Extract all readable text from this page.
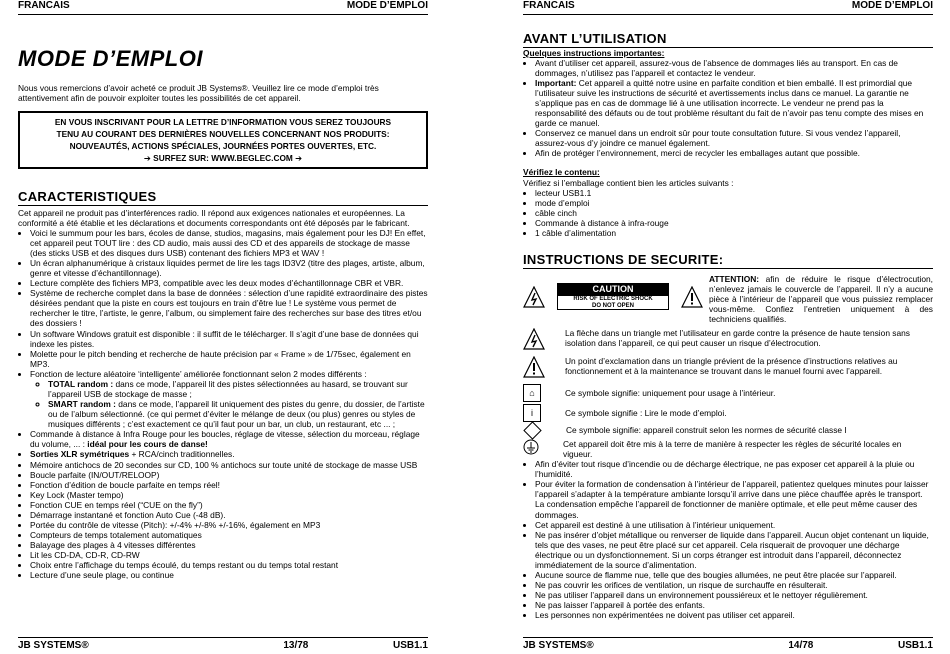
FRANCAIS	MODE D’EMPLOI
MODE D’EMPLOI

Nous vous remercions d’avoir acheté ce produit JB Systems®. Veuillez lire ce mode d’emploi très attentivement afin de pouvoir exploiter toutes les possibilités de cet appareil.

EN VOUS INSCRIVANT POUR LA LETTRE D’INFORMATION VOUS SEREZ TOUJOURS
TENU AU COURANT DES DERNIÈRES NOUVELLES CONCERNANT NOS PRODUITS:
NOUVEAUTÉS, ACTIONS SPÉCIALES, JOURNÉES PORTES OUVERTES, ETC.
➔ SURFEZ SUR: WWW.BEGLEC.COM ➔
CARACTERISTIQUES

Cet appareil ne produit pas d’interférences radio. Il répond aux exigences nationales et européennes. La conformité a été établie et les déclarations et documents correspondants ont été déposés par le fabricant.

• Voici le summum pour les bars, écoles de danse, studios, magasins, mais également pour les DJ! En effet, cet appareil peut TOUT lire : des CD audio, mais aussi des CD et des appareils de stockage de masse (des sticks USB et des disques durs USB) contenant des fichiers MP3 et WAV !
• Un écran alphanumérique à cristaux liquides permet de lire les tags ID3V2 (titre des plages, artiste, album, genre et vitesse d’échantillonnage).
• Lecture complète des fichiers MP3, compatible avec les deux modes d’échantillonnage CBR et VBR.
• Système de recherche complet dans la base de données : sélection d’une rapidité extraordinaire des pistes désirées pendant que la piste en cours est toujours en train d’être lue ! Le système vous permet de rechercher le titre, l’artiste, le genre, l’album, ou simplement faire des recherches sur base des titres et/ou des dossiers !
• Un software Windows gratuit est disponible : il suffit de le télécharger. Il s’agit d’une base de données qui indexe les pistes.
• Molette pour le pitch bending et recherche de haute précision par « Frame » de 1/75sec, également en MP3.
• Fonction de lecture aléatoire ‘intelligente’ améliorée fonctionnant selon 2 modes différents :
◦ TOTAL random : dans ce mode, l’appareil lit des pistes sélectionnées au hasard, se trouvant sur l’appareil USB de stockage de masse ;
◦ SMART random : dans ce mode, l’appareil lit uniquement des pistes du genre, du dossier, de l’artiste ou de l’album sélectionné. (ce qui permet d’éviter le mélange de deux (ou plus) genres ou styles de musiques différents ; c’est exactement ce qu’il faut pour un bar, un club, un restaurant, etc ... ;
• Commande à distance à Infra Rouge pour les boucles, réglage de vitesse, sélection du morceau, réglage du volume, ... : idéal pour les cours de danse!
• Sorties XLR symétriques + RCA/cinch traditionnelles.
• Mémoire antichocs de 20 secondes sur CD, 100 % antichocs sur toute unité de stockage de masse USB
• Boucle parfaite (IN/OUT/RELOOP)
• Fonction d’édition de boucle parfaite en temps réel!
• Key Lock (Master tempo)
• Fonction CUE en temps réel (“CUE on the fly”)
• Démarrage instantané et fonction Auto Cue (-48 dB).
• Portée du contrôle de vitesse (Pitch): +/-4% +/-8% +/-16%, également en MP3
• Compteurs de temps totalement automatiques
• Balayage des plages à 4 vitesses différentes
• Lit les CD-DA, CD-R, CD-RW
• Choix entre l’affichage du temps écoulé, du temps restant ou du temps total restant
• Lecture d’une seule plage, ou continue
JB SYSTEMS®	13/78	USB1.1
FRANCAIS	MODE D’EMPLOI
AVANT L’UTILISATION
Quelques instructions importantes:
• Avant d’utiliser cet appareil, assurez-vous de l’absence de dommages liés au transport. En cas de dommages, n’utilisez pas l’appareil et contactez le vendeur.
• Important: Cet appareil a quitté notre usine en parfaite condition et bien emballé. Il est primordial que l’utilisateur suive les instructions de sécurité et avertissements inclus dans ce manuel. La garantie ne s’applique pas en cas de dommage lié à une utilisation incorrecte. Le vendeur ne prend pas la responsabilité des défauts ou de tout problème résultant du fait de n’avoir pas tenu compte des mises en garde ce manuel.
• Conservez ce manuel dans un endroit sûr pour toute consultation future. Si vous vendez l’appareil, assurez-vous d’y joindre ce manuel également.
• Afin de protéger l’environnement, merci de recycler les emballages autant que possible.
Vérifiez le contenu:

Vérifiez si l’emballage contient bien les articles suivants :

• lecteur USB1.1
• mode d’emploi
• câble cinch
• Commande à distance à infra-rouge
• 1 câble d’alimentation
INSTRUCTIONS DE SECURITE:
CAUTION
RISK OF ELECTRIC SHOCK
DO NOT OPEN

ATTENTION: afin de réduire le risque d’électrocution, n’enlevez jamais le couvercle de l’appareil. Il n’y a aucune pièce à l’intérieur de l’appareil que vous puissiez remplacer vous-même. Confiez l’entretien uniquement à des techniciens qualifiés.

La flèche dans un triangle met l’utilisateur en garde contre la présence de haute tension sans isolation dans l’appareil, ce qui peut causer un risque d’électrocution.

Un point d’exclamation dans un triangle prévient de la présence d’instructions relatives au fonctionnement et à la maintenance se trouvant dans le manuel fourni avec l’appareil.

⌂	Ce symbole signifie: uniquement pour usage à l’intérieur.

i	Ce symbole signifie : Lire le mode d’emploi.

Ce symbole signifie: appareil construit selon les normes de sécurité classe I

Cet appareil doit être mis à la terre de manière à respecter les règles de sécurité locales en vigueur.

• Afin d’éviter tout risque d’incendie ou de décharge électrique, ne pas exposer cet appareil à la pluie ou l’humidité.
• Pour éviter la formation de condensation à l’intérieur de l’appareil, patientez quelques minutes pour laisser l’appareil s’adapter à la température ambiante lorsqu’il arrive dans une pièce chauffée après le transport. La condensation empêche l’appareil de fonctionner de manière optimale, et elle peut même causer des dommages.
• Cet appareil est destiné à une utilisation à l’intérieur uniquement.
• Ne pas insérer d’objet métallique ou renverser de liquide dans l’appareil. Aucun objet contenant un liquide, tels que des vases, ne peut être placé sur cet appareil. Cela risquerait de provoquer une décharge électrique ou un dysfonctionnement. Si un corps étranger est introduit dans l’appareil, déconnectez immédiatement de la source d’alimentation.
• Aucune source de flamme nue, telle que des bougies allumées, ne peut être placée sur l’appareil.
• Ne pas couvrir les orifices de ventilation, un risque de surchauffe en résulterait.
• Ne pas utiliser l’appareil dans un environnement poussiéreux et le nettoyer régulièrement.
• Ne pas laisser l’appareil à portée des enfants.
• Les personnes non expérimentées ne doivent pas utiliser cet appareil.
JB SYSTEMS®	14/78	USB1.1
